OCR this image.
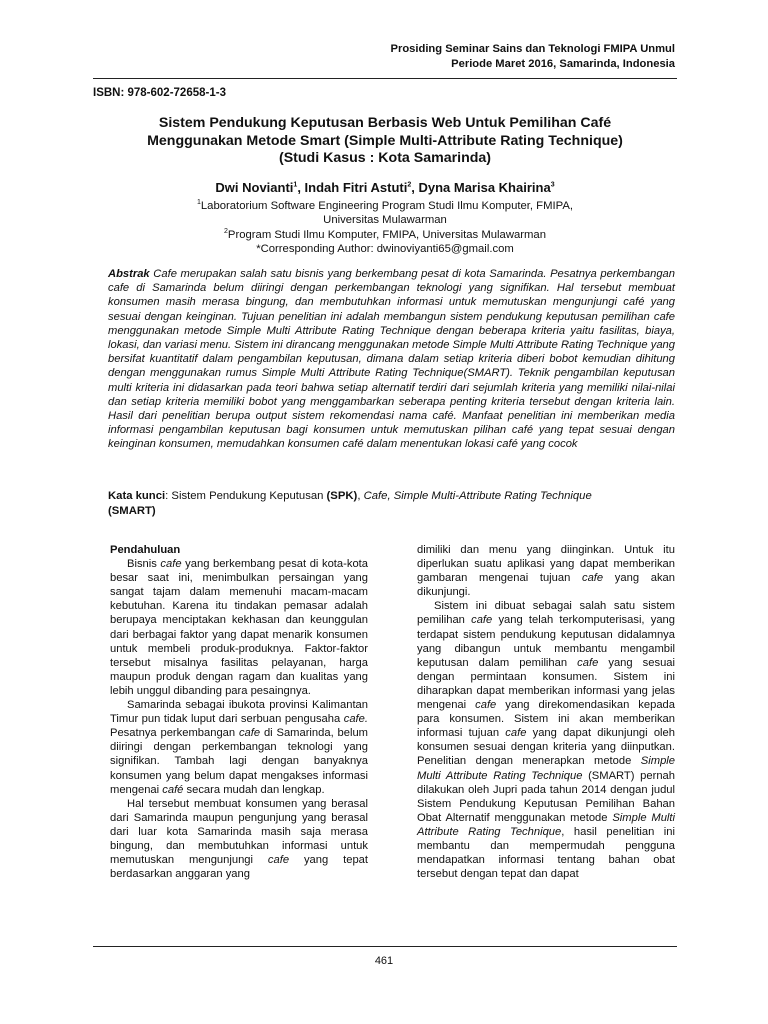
Prosiding Seminar Sains dan Teknologi FMIPA Unmul
Periode Maret 2016, Samarinda, Indonesia
ISBN: 978-602-72658-1-3
Sistem Pendukung Keputusan Berbasis Web Untuk Pemilihan Café
Menggunakan Metode Smart (Simple Multi-Attribute Rating Technique)
(Studi Kasus : Kota Samarinda)
Dwi Novianti$^1$, Indah Fitri Astuti$^2$, Dyna Marisa Khairina$^3$
$^1$Laboratorium Software Engineering Program Studi Ilmu Komputer, FMIPA,
Universitas Mulawarman
$^2$Program Studi Ilmu Komputer, FMIPA, Universitas Mulawarman
*Corresponding Author: dwinoviyanti65@gmail.com
Abstrak Cafe merupakan salah satu bisnis yang berkembang pesat di kota Samarinda. Pesatnya perkembangan cafe di Samarinda belum diiringi dengan perkembangan teknologi yang signifikan. Hal tersebut membuat konsumen masih merasa bingung, dan membutuhkan informasi untuk memutuskan mengunjungi café yang sesuai dengan keinginan. Tujuan penelitian ini adalah membangun sistem pendukung keputusan pemilihan cafe menggunakan metode Simple Multi Attribute Rating Technique dengan beberapa kriteria yaitu fasilitas, biaya, lokasi, dan variasi menu. Sistem ini dirancang menggunakan metode Simple Multi Attribute Rating Technique yang bersifat kuantitatif dalam pengambilan keputusan, dimana dalam setiap kriteria diberi bobot kemudian dihitung dengan menggunakan rumus Simple Multi Attribute Rating Technique(SMART). Teknik pengambilan keputusan multi kriteria ini didasarkan pada teori bahwa setiap alternatif terdiri dari sejumlah kriteria yang memiliki nilai-nilai dan setiap kriteria memiliki bobot yang menggambarkan seberapa penting kriteria tersebut dengan kriteria lain. Hasil dari penelitian berupa output sistem rekomendasi nama café. Manfaat penelitian ini memberikan media informasi pengambilan keputusan bagi konsumen untuk memutuskan pilihan café yang tepat sesuai dengan keinginan konsumen, memudahkan konsumen café dalam menentukan lokasi café yang cocok
Kata kunci: Sistem Pendukung Keputusan (SPK), Cafe, Simple Multi-Attribute Rating Technique
(SMART)
Pendahuluan

Bisnis cafe yang berkembang pesat di kota-kota besar saat ini, menimbulkan persaingan yang sangat tajam dalam memenuhi macam-macam kebutuhan. Karena itu tindakan pemasar adalah berupaya menciptakan kekhasan dan keunggulan dari berbagai faktor yang dapat menarik konsumen untuk membeli produk-produknya. Faktor-faktor tersebut misalnya fasilitas pelayanan, harga maupun produk dengan ragam dan kualitas yang lebih unggul dibanding para pesaingnya.

Samarinda sebagai ibukota provinsi Kalimantan Timur pun tidak luput dari serbuan pengusaha cafe. Pesatnya perkembangan cafe di Samarinda, belum diiringi dengan perkembangan teknologi yang signifikan. Tambah lagi dengan banyaknya konsumen yang belum dapat mengakses informasi mengenai café secara mudah dan lengkap.

Hal tersebut membuat konsumen yang berasal dari Samarinda maupun pengunjung yang berasal dari luar kota Samarinda masih saja merasa bingung, dan membutuhkan informasi untuk memutuskan mengunjungi cafe yang tepat berdasarkan anggaran yang

dimiliki dan menu yang diinginkan. Untuk itu diperlukan suatu aplikasi yang dapat memberikan gambaran mengenai tujuan cafe yang akan dikunjungi.

Sistem ini dibuat sebagai salah satu sistem pemilihan cafe yang telah terkomputerisasi, yang terdapat sistem pendukung keputusan didalamnya yang dibangun untuk membantu mengambil keputusan dalam pemilihan cafe yang sesuai dengan permintaan konsumen. Sistem ini diharapkan dapat memberikan informasi yang jelas mengenai cafe yang direkomendasikan kepada para konsumen. Sistem ini akan memberikan informasi tujuan cafe yang dapat dikunjungi oleh konsumen sesuai dengan kriteria yang diinputkan. Penelitian dengan menerapkan metode Simple Multi Attribute Rating Technique (SMART) pernah dilakukan oleh Jupri pada tahun 2014 dengan judul Sistem Pendukung Keputusan Pemilihan Bahan Obat Alternatif menggunakan metode Simple Multi Attribute Rating Technique, hasil penelitian ini membantu dan mempermudah pengguna mendapatkan informasi tentang bahan obat tersebut dengan tepat dan dapat

461
